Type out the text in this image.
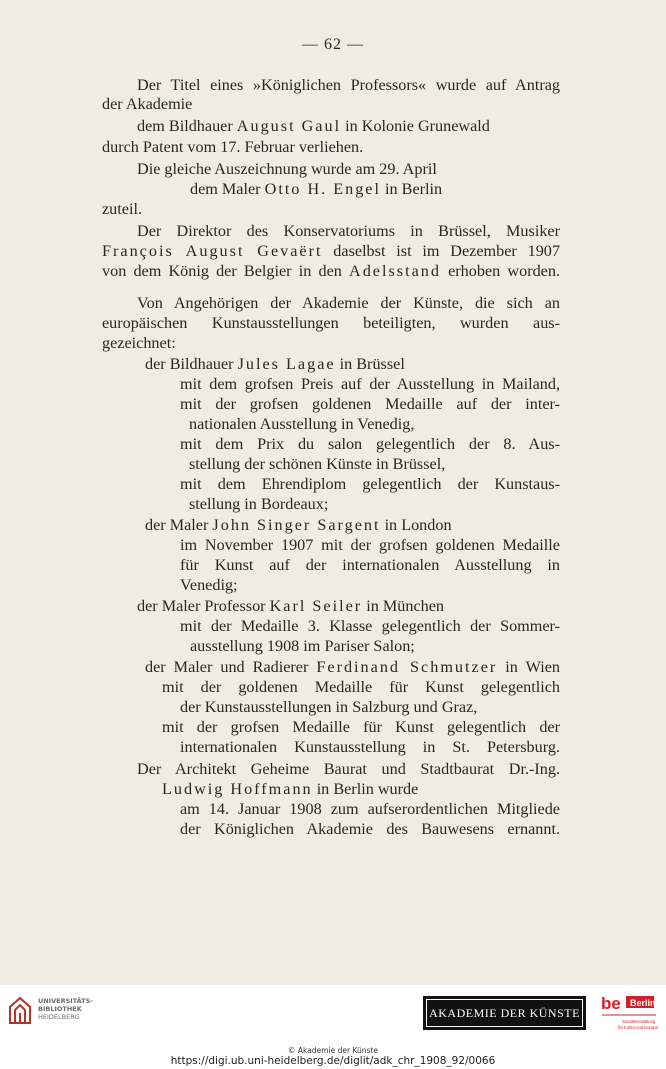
— 62 —
Der Titel eines »Königlichen Professors« wurde auf Antrag
der Akademie
dem Bildhauer August Gaul in Kolonie Grunewald
durch Patent vom 17. Februar verliehen.
Die gleiche Auszeichnung wurde am 29. April
dem Maler Otto H. Engel in Berlin
zuteil.
Der Direktor des Konservatoriums in Brüssel, Musiker
François August Gevaërt daselbst ist im Dezember 1907
von dem König der Belgier in den Adelsstand erhoben worden.
Von Angehörigen der Akademie der Künste, die sich an
europäischen Kunstausstellungen beteiligten, wurden aus-
gezeichnet:
der Bildhauer Jules Lagae in Brüssel
mit dem grofsen Preis auf der Ausstellung in Mailand,
mit der grofsen goldenen Medaille auf der inter-
nationalen Ausstellung in Venedig,
mit dem Prix du salon gelegentlich der 8. Aus-
stellung der schönen Künste in Brüssel,
mit dem Ehrendiplom gelegentlich der Kunstaus-
stellung in Bordeaux;
der Maler John Singer Sargent in London
im November 1907 mit der grofsen goldenen Medaille
für Kunst auf der internationalen Ausstellung in
Venedig;
der Maler Professor Karl Seiler in München
mit der Medaille 3. Klasse gelegentlich der Sommer-
ausstellung 1908 im Pariser Salon;
der Maler und Radierer Ferdinand Schmutzer in Wien
mit der goldenen Medaille für Kunst gelegentlich
der Kunstausstellungen in Salzburg und Graz,
mit der grofsen Medaille für Kunst gelegentlich der
internationalen Kunstausstellung in St. Petersburg.
Der Architekt Geheime Baurat und Stadtbaurat Dr.-Ing.
Ludwig Hoffmann in Berlin wurde
am 14. Januar 1908 zum aufserordentlichen Mitgliede
der Königlichen Akademie des Bauwesens ernannt.
UNIVERSITÄTS-
BIBLIOTHEK
HEIDELBERG	AKADEMIE DER KÜNSTE be Berlin
Senatsverwaltung
für Kultur und Europa
© Akademie der Künste
https://digi.ub.uni-heidelberg.de/diglit/adk_chr_1908_92/0066
